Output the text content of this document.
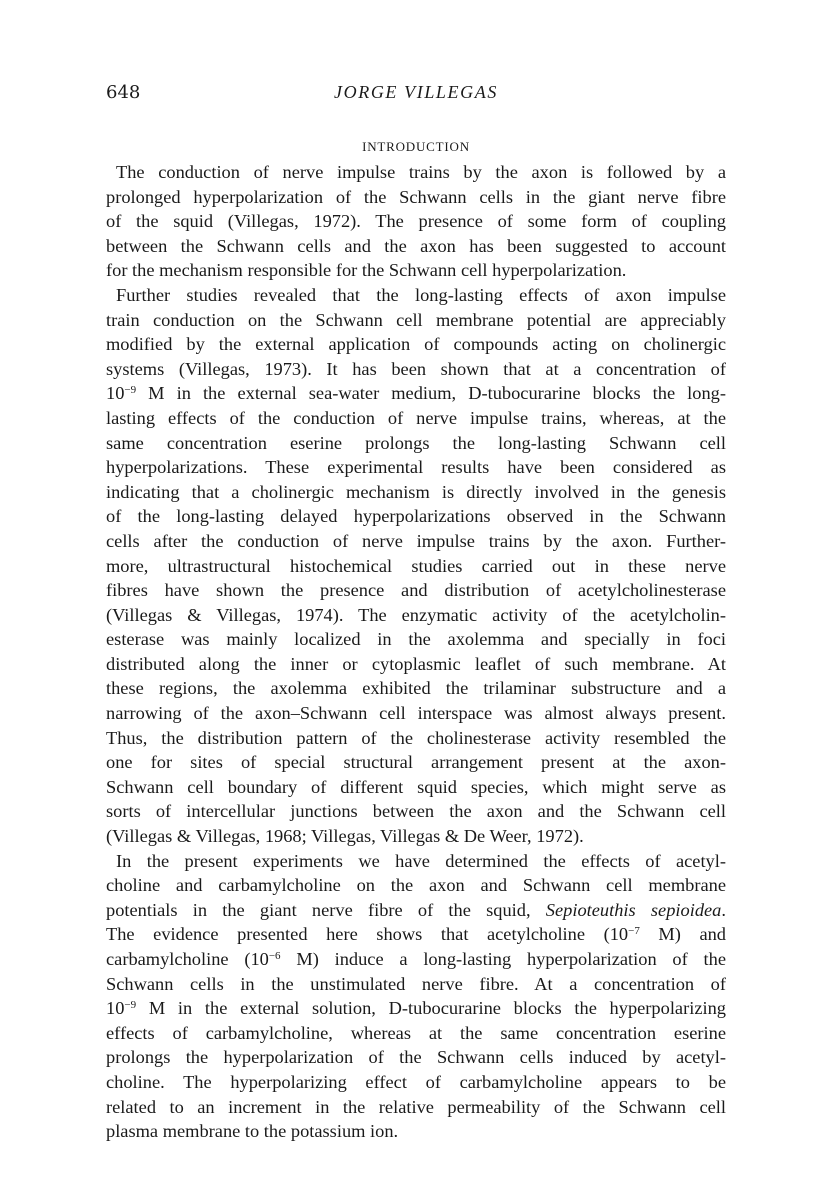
648	JORGE VILLEGAS
INTRODUCTION
The conduction of nerve impulse trains by the axon is followed by a
prolonged hyperpolarization of the Schwann cells in the giant nerve fibre
of the squid (Villegas, 1972). The presence of some form of coupling
between the Schwann cells and the axon has been suggested to account
for the mechanism responsible for the Schwann cell hyperpolarization.
Further studies revealed that the long-lasting effects of axon impulse
train conduction on the Schwann cell membrane potential are appreciably
modified by the external application of compounds acting on cholinergic
systems (Villegas, 1973). It has been shown that at a concentration of
$10^{-9}$ M in the external sea-water medium, D-tubocurarine blocks the long-
lasting effects of the conduction of nerve impulse trains, whereas, at the
same concentration eserine prolongs the long-lasting Schwann cell
hyperpolarizations. These experimental results have been considered as
indicating that a cholinergic mechanism is directly involved in the genesis
of the long-lasting delayed hyperpolarizations observed in the Schwann
cells after the conduction of nerve impulse trains by the axon. Further-
more, ultrastructural histochemical studies carried out in these nerve
fibres have shown the presence and distribution of acetylcholinesterase
(Villegas & Villegas, 1974). The enzymatic activity of the acetylcholin-
esterase was mainly localized in the axolemma and specially in foci
distributed along the inner or cytoplasmic leaflet of such membrane. At
these regions, the axolemma exhibited the trilaminar substructure and a
narrowing of the axon–Schwann cell interspace was almost always present.
Thus, the distribution pattern of the cholinesterase activity resembled the
one for sites of special structural arrangement present at the axon-
Schwann cell boundary of different squid species, which might serve as
sorts of intercellular junctions between the axon and the Schwann cell
(Villegas & Villegas, 1968; Villegas, Villegas & De Weer, 1972).
In the present experiments we have determined the effects of acetyl-
choline and carbamylcholine on the axon and Schwann cell membrane
potentials in the giant nerve fibre of the squid, Sepioteuthis sepioidea.
The evidence presented here shows that acetylcholine ($10^{-7}$ M) and
carbamylcholine ($10^{-6}$ M) induce a long-lasting hyperpolarization of the
Schwann cells in the unstimulated nerve fibre. At a concentration of
$10^{-9}$ M in the external solution, D-tubocurarine blocks the hyperpolarizing
effects of carbamylcholine, whereas at the same concentration eserine
prolongs the hyperpolarization of the Schwann cells induced by acetyl-
choline. The hyperpolarizing effect of carbamylcholine appears to be
related to an increment in the relative permeability of the Schwann cell
plasma membrane to the potassium ion.
